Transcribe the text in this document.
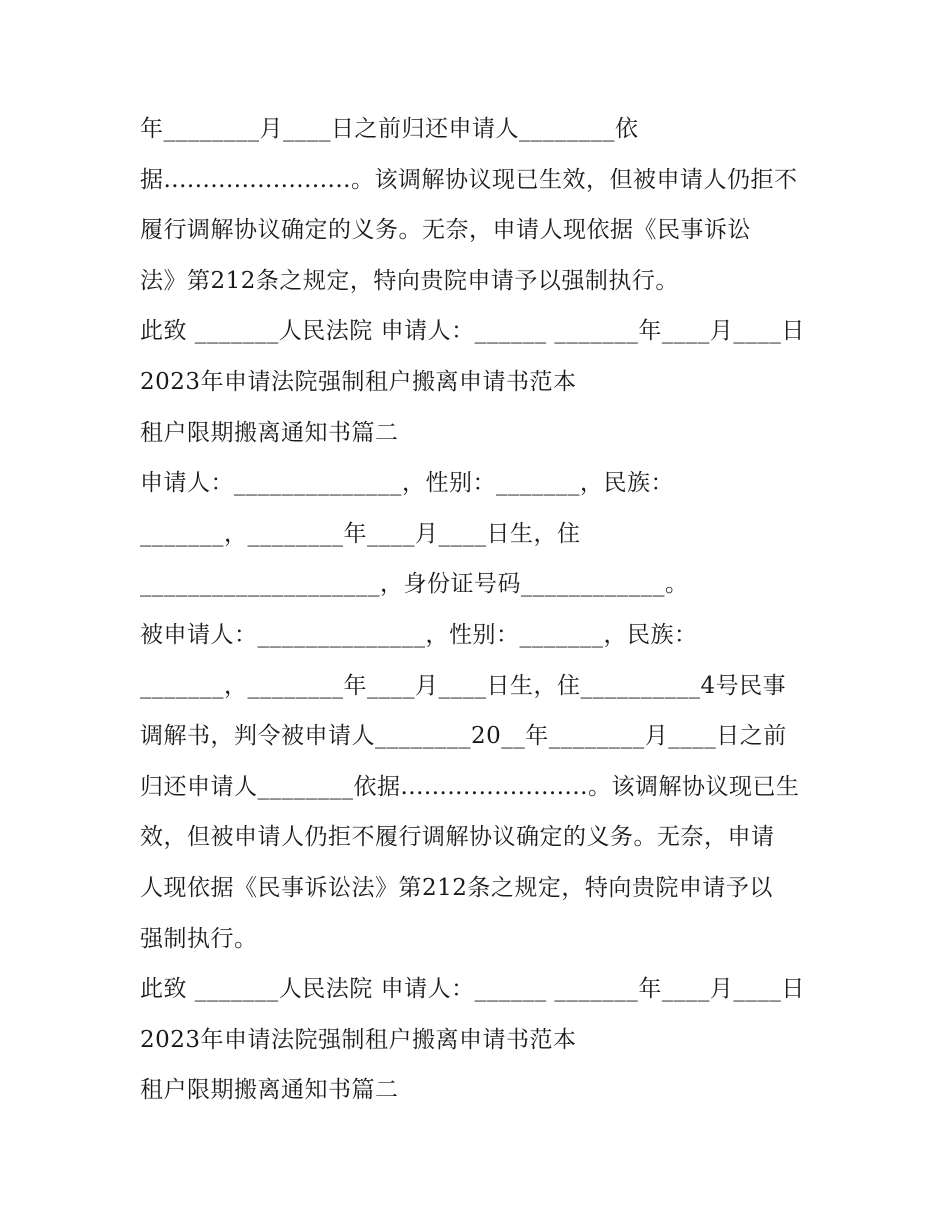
年________月____日之前归还申请人________依
据........................。该调解协议现已生效，但被申请人仍拒不
履行调解协议确定的义务。无奈，申请人现依据《民事诉讼
法》第212条之规定，特向贵院申请予以强制执行。
此致 _______人民法院 申请人：______ _______年____月____日
2023年申请法院强制租户搬离申请书范本
租户限期搬离通知书篇二
申请人：______________，性别：_______，民族：
_______，________年____月____日生，住
____________________，身份证号码____________。
被申请人：______________，性别：_______，民族：
_______，________年____月____日生，住__________4号民事
调解书，判令被申请人________20__年________月____日之前
归还申请人________依据........................。该调解协议现已生
效，但被申请人仍拒不履行调解协议确定的义务。无奈，申请
人现依据《民事诉讼法》第212条之规定，特向贵院申请予以
强制执行。
此致 _______人民法院 申请人：______ _______年____月____日
2023年申请法院强制租户搬离申请书范本
租户限期搬离通知书篇二
